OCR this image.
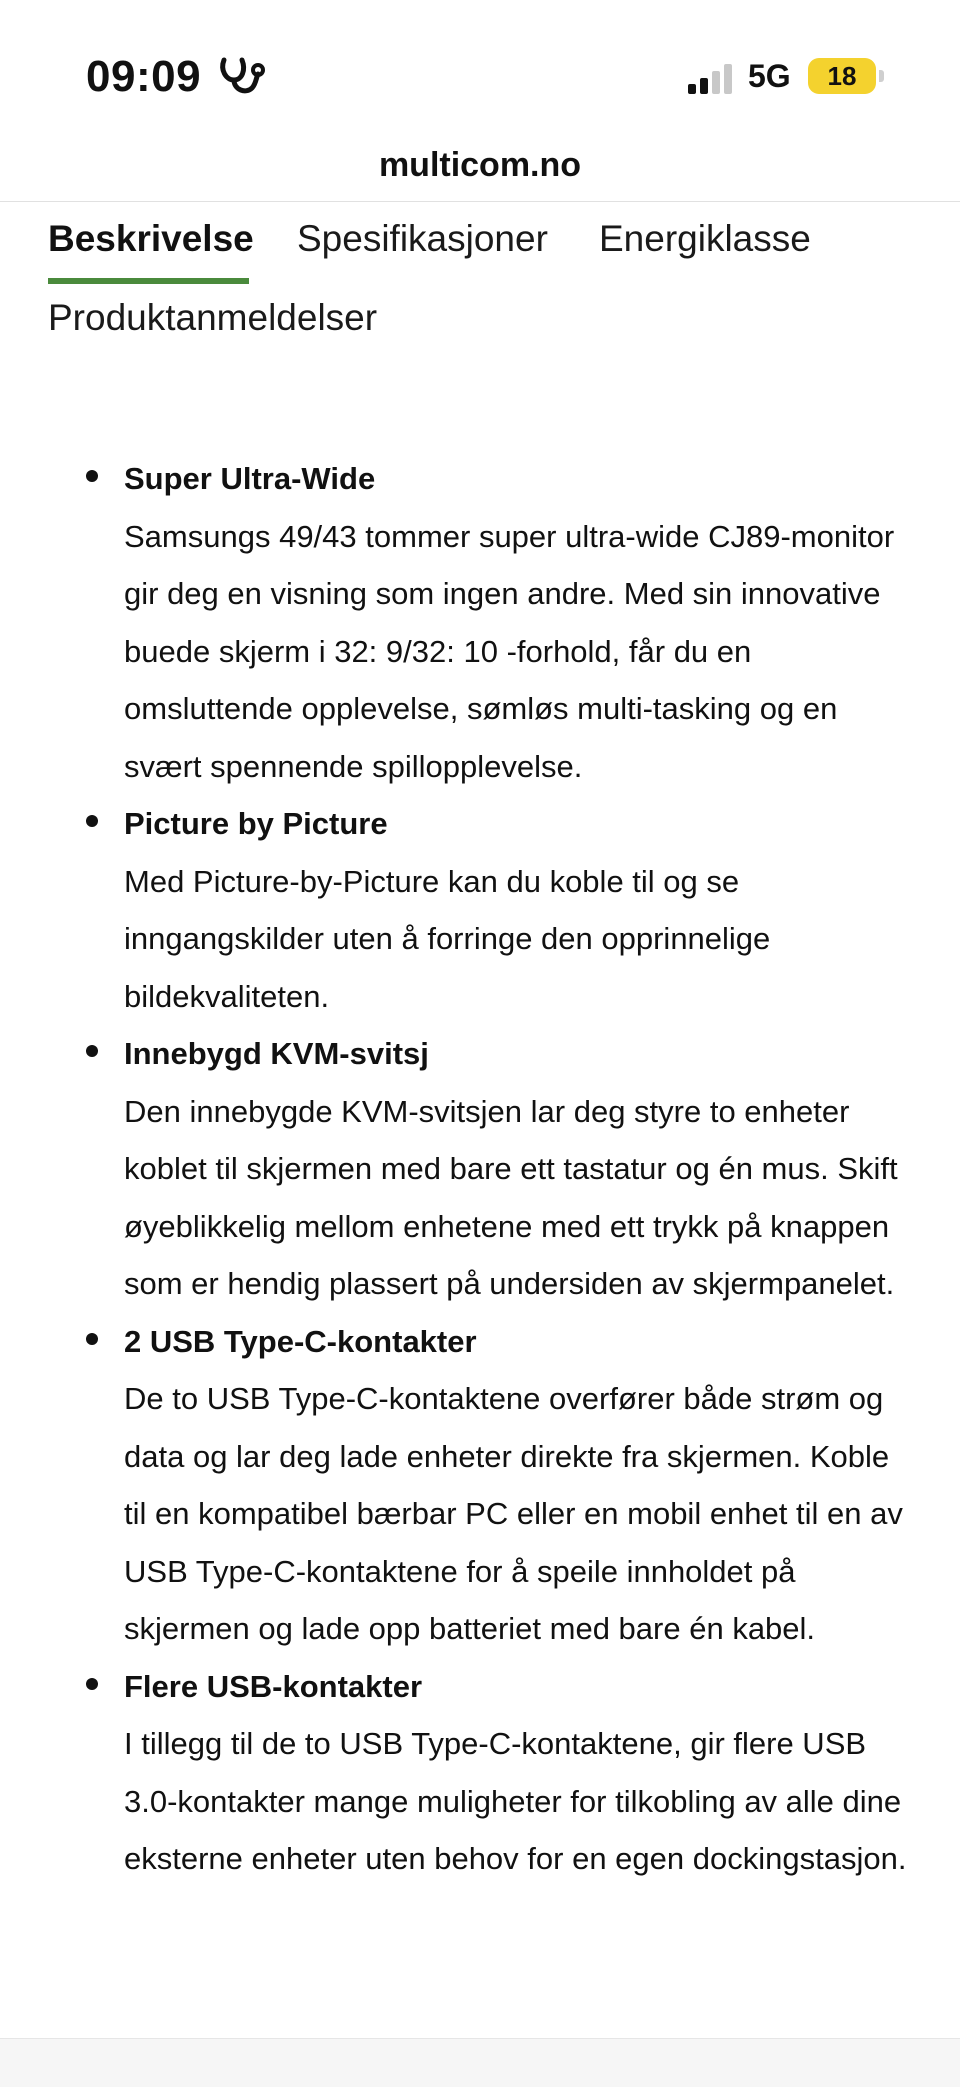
09:09	5G	18
multicom.no
Beskrivelse Spesifikasjoner Energiklasse
Produktanmeldelser
Super Ultra-Wide
Samsungs 49/43 tommer super ultra-wide CJ89-monitor gir deg en visning som ingen andre. Med sin innovative buede skjerm i 32: 9/32: 10 -forhold, får du en omsluttende opplevelse, sømløs multi-tasking og en svært spennende spillopplevelse.
Picture by Picture
Med Picture-by-Picture kan du koble til og se inngangskilder uten å forringe den opprinnelige bildekvaliteten.
Innebygd KVM-svitsj
Den innebygde KVM-svitsjen lar deg styre to enheter koblet til skjermen med bare ett tastatur og én mus. Skift øyeblikkelig mellom enhetene med ett trykk på knappen som er hendig plassert på undersiden av skjermpanelet.
2 USB Type-C-kontakter
De to USB Type-C-kontaktene overfører både strøm og data og lar deg lade enheter direkte fra skjermen. Koble til en kompatibel bærbar PC eller en mobil enhet til en av USB Type-C-kontaktene for å speile innholdet på skjermen og lade opp batteriet med bare én kabel.
Flere USB-kontakter
I tillegg til de to USB Type-C-kontaktene, gir flere USB 3.0-kontakter mange muligheter for tilkobling av alle dine eksterne enheter uten behov for en egen dockingstasjon.
